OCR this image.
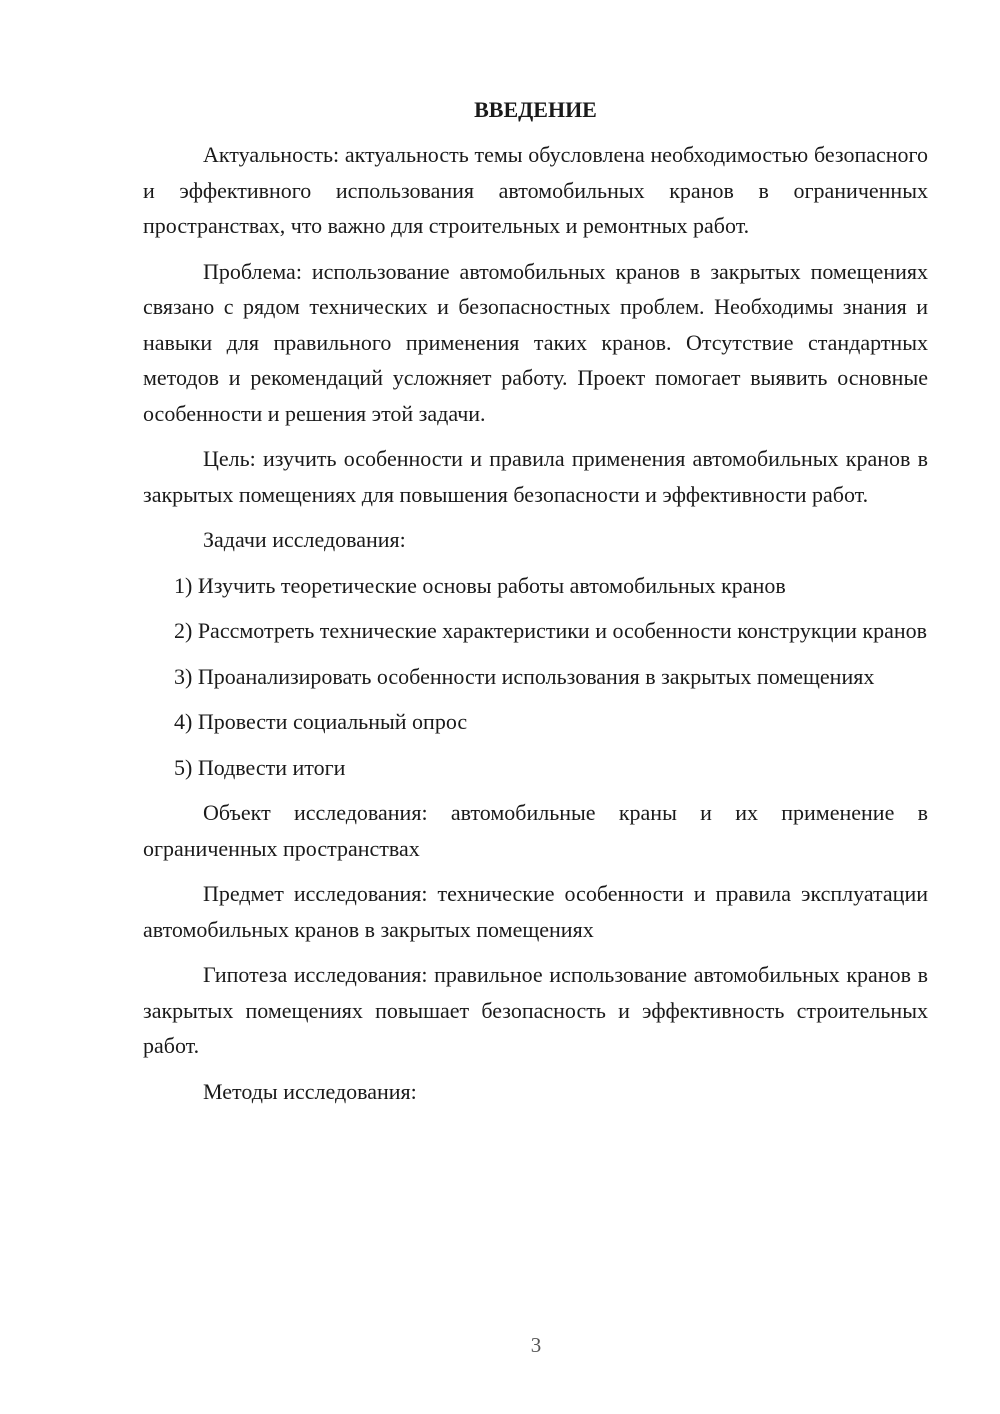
ВВЕДЕНИЕ

Актуальность: актуальность темы обусловлена необходимостью безопасного и эффективного использования автомобильных кранов в ограниченных пространствах, что важно для строительных и ремонтных работ.

Проблема: использование автомобильных кранов в закрытых помещениях связано с рядом технических и безопасностных проблем. Необходимы знания и навыки для правильного применения таких кранов. Отсутствие стандартных методов и рекомендаций усложняет работу. Проект помогает выявить основные особенности и решения этой задачи.

Цель: изучить особенности и правила применения автомобильных кранов в закрытых помещениях для повышения безопасности и эффективности работ.

Задачи исследования:

1) Изучить теоретические основы работы автомобильных кранов

2) Рассмотреть технические характеристики и особенности конструкции кранов

3) Проанализировать особенности использования в закрытых помещениях

4) Провести социальный опрос

5) Подвести итоги

Объект исследования: автомобильные краны и их применение в ограниченных пространствах

Предмет исследования: технические особенности и правила эксплуатации автомобильных кранов в закрытых помещениях

Гипотеза исследования: правильное использование автомобильных кранов в закрытых помещениях повышает безопасность и эффективность строительных работ.

Методы исследования:

3
